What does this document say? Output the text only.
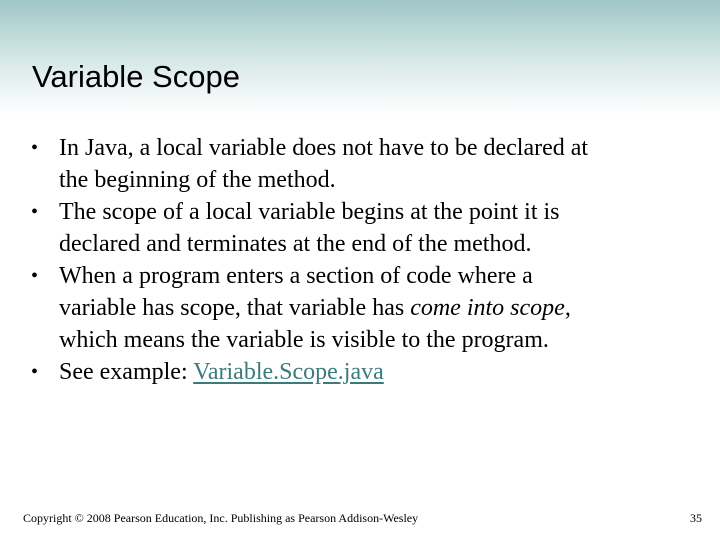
Variable Scope
• In Java, a local variable does not have to be declared at
the beginning of the method.
• The scope of a local variable begins at the point it is
declared and terminates at the end of the method.
• When a program enters a section of code where a
variable has scope, that variable has come into scope,
which means the variable is visible to the program.
• See example: Variable.Scope.java
Copyright © 2008 Pearson Education, Inc. Publishing as Pearson Addison-Wesley	35
